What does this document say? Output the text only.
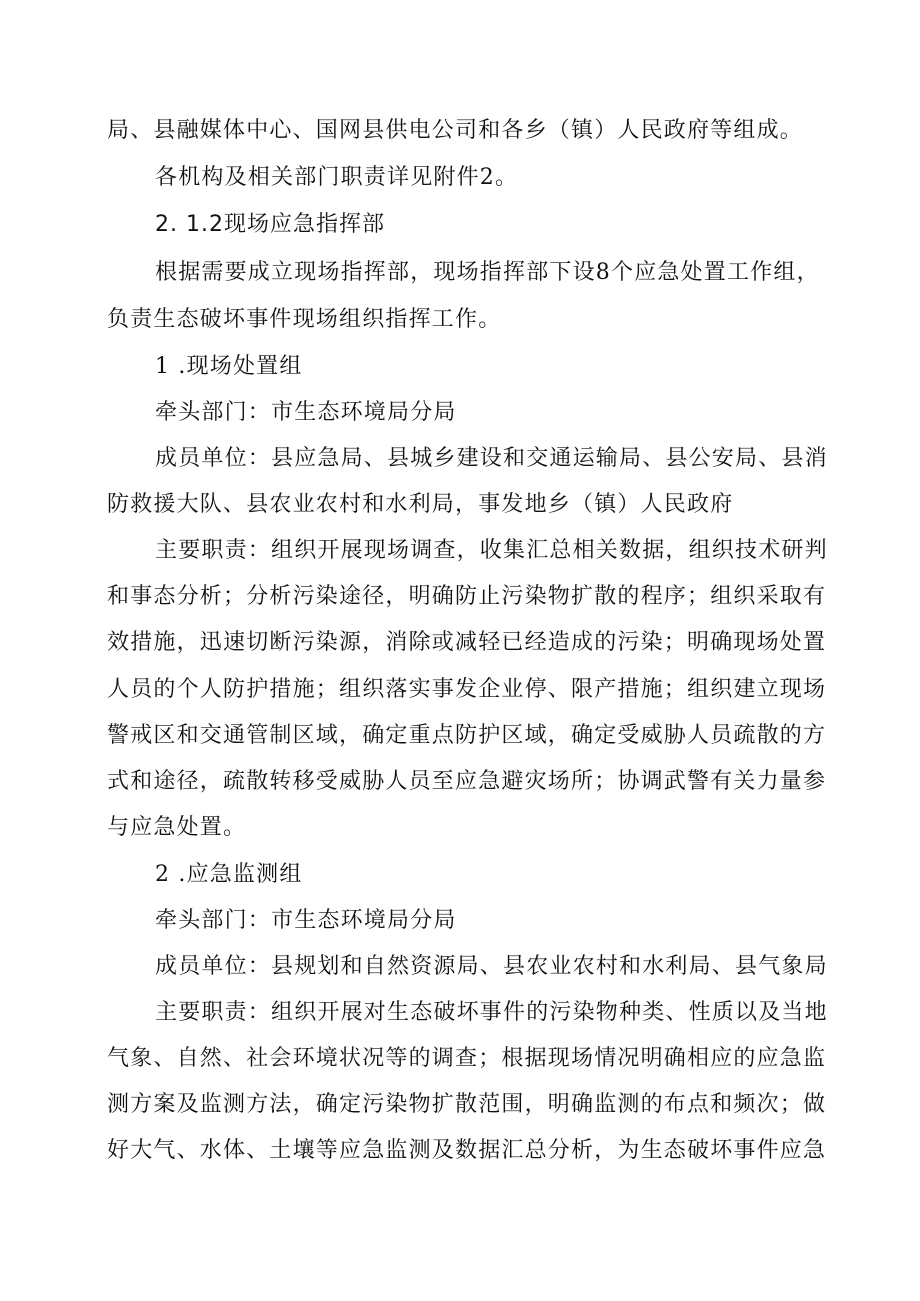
局、县融媒体中心、国网县供电公司和各乡（镇）人民政府等组成。
各机构及相关部门职责详见附件2。
2. 1.2现场应急指挥部
根据需要成立现场指挥部，现场指挥部下设8个应急处置工作组，
负责生态破坏事件现场组织指挥工作。
1 .现场处置组
牵头部门：市生态环境局分局
成员单位：县应急局、县城乡建设和交通运输局、县公安局、县消
防救援大队、县农业农村和水利局，事发地乡（镇）人民政府
主要职责：组织开展现场调查，收集汇总相关数据，组织技术研判
和事态分析；分析污染途径，明确防止污染物扩散的程序；组织采取有
效措施，迅速切断污染源，消除或减轻已经造成的污染；明确现场处置
人员的个人防护措施；组织落实事发企业停、限产措施；组织建立现场
警戒区和交通管制区域，确定重点防护区域，确定受威胁人员疏散的方
式和途径，疏散转移受威胁人员至应急避灾场所；协调武警有关力量参
与应急处置。
2 .应急监测组
牵头部门：市生态环境局分局
成员单位：县规划和自然资源局、县农业农村和水利局、县气象局
主要职责：组织开展对生态破坏事件的污染物种类、性质以及当地
气象、自然、社会环境状况等的调查；根据现场情况明确相应的应急监
测方案及监测方法，确定污染物扩散范围，明确监测的布点和频次；做
好大气、水体、土壤等应急监测及数据汇总分析，为生态破坏事件应急
